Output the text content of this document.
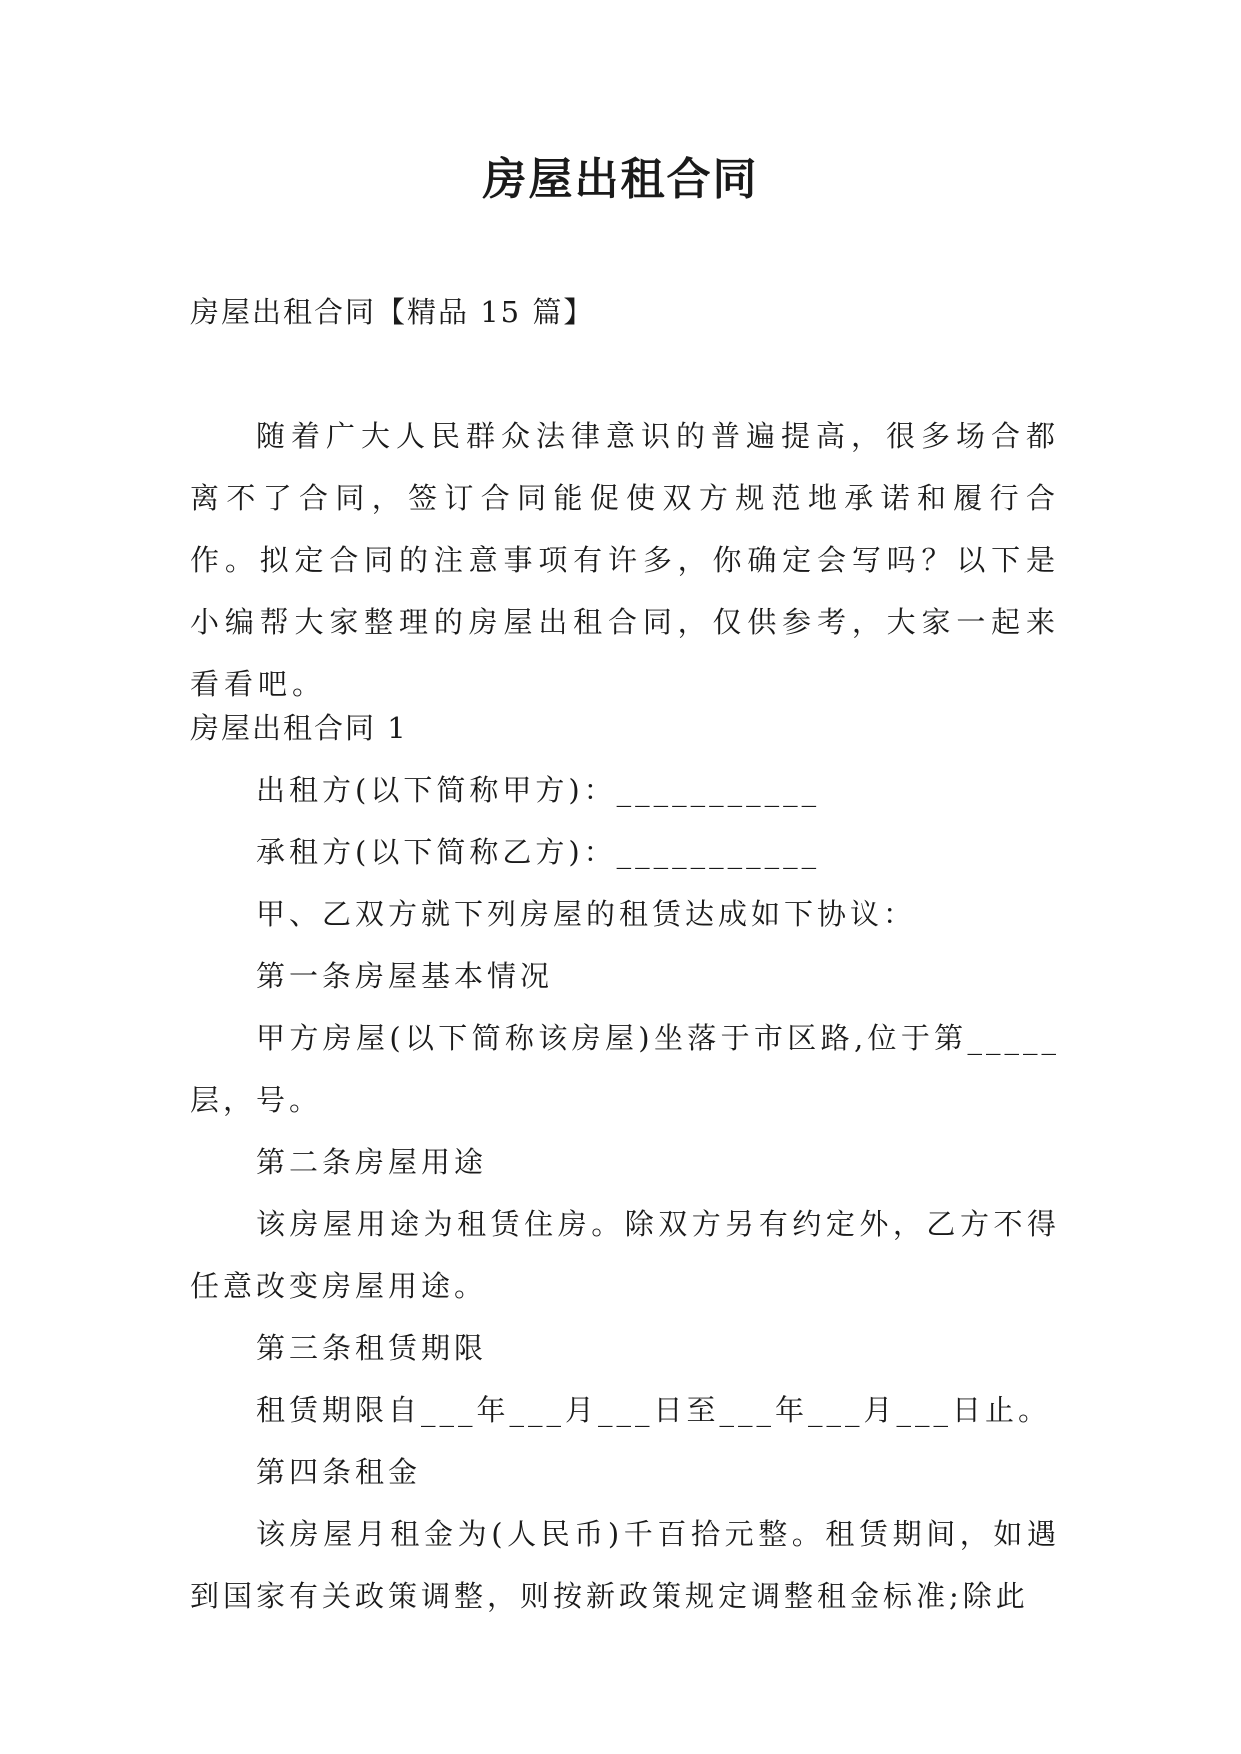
房屋出租合同
房屋出租合同【精品 15 篇】
随着广大人民群众法律意识的普遍提高，很多场合都离不了合同，签订合同能促使双方规范地承诺和履行合作。拟定合同的注意事项有许多，你确定会写吗？以下是小编帮大家整理的房屋出租合同，仅供参考，大家一起来看看吧。
房屋出租合同 1

出租方(以下简称甲方)：___________

承租方(以下简称乙方)：___________

甲、乙双方就下列房屋的租赁达成如下协议：

第一条房屋基本情况

甲方房屋(以下简称该房屋)坐落于市区路,位于第_____层，号。

第二条房屋用途

该房屋用途为租赁住房。除双方另有约定外，乙方不得任意改变房屋用途。

第三条租赁期限

租赁期限自___年___月___日至___年___月___日止。

第四条租金

该房屋月租金为(人民币)千百拾元整。租赁期间，如遇到国家有关政策调整，则按新政策规定调整租金标准;除此
